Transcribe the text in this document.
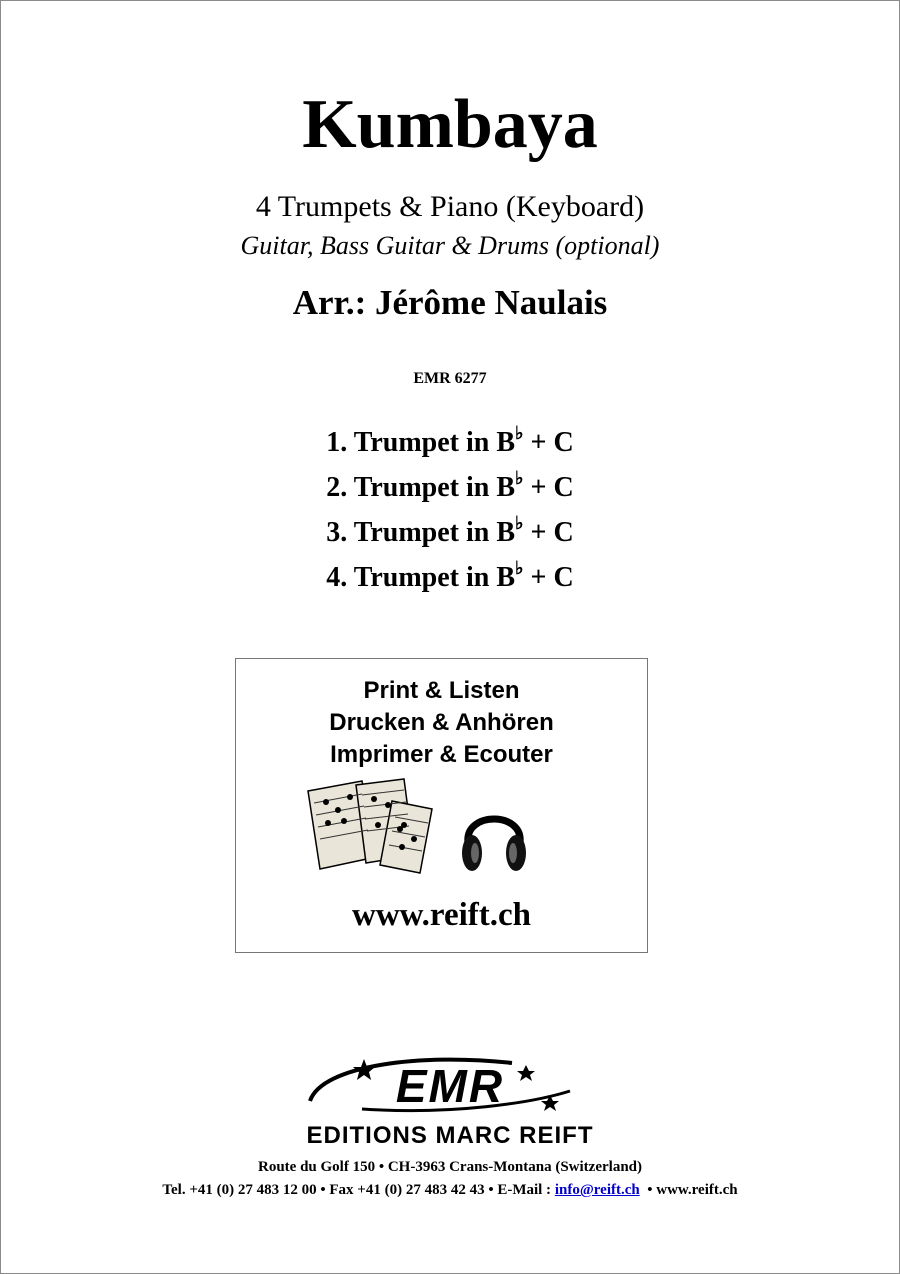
Kumbaya
4 Trumpets & Piano (Keyboard)
Guitar, Bass Guitar & Drums (optional)
Arr.: Jérôme Naulais
EMR 6277
1. Trumpet in B♭ + C
2. Trumpet in B♭ + C
3. Trumpet in B♭ + C
4. Trumpet in B♭ + C
Print & Listen
Drucken & Anhören
Imprimer & Ecouter
www.reift.ch
EMR
EDITIONS MARC REIFT
Route du Golf 150 • CH-3963 Crans-Montana (Switzerland)
Tel. +41 (0) 27 483 12 00 • Fax +41 (0) 27 483 42 43 • E-Mail : info@reift.ch  • www.reift.ch
